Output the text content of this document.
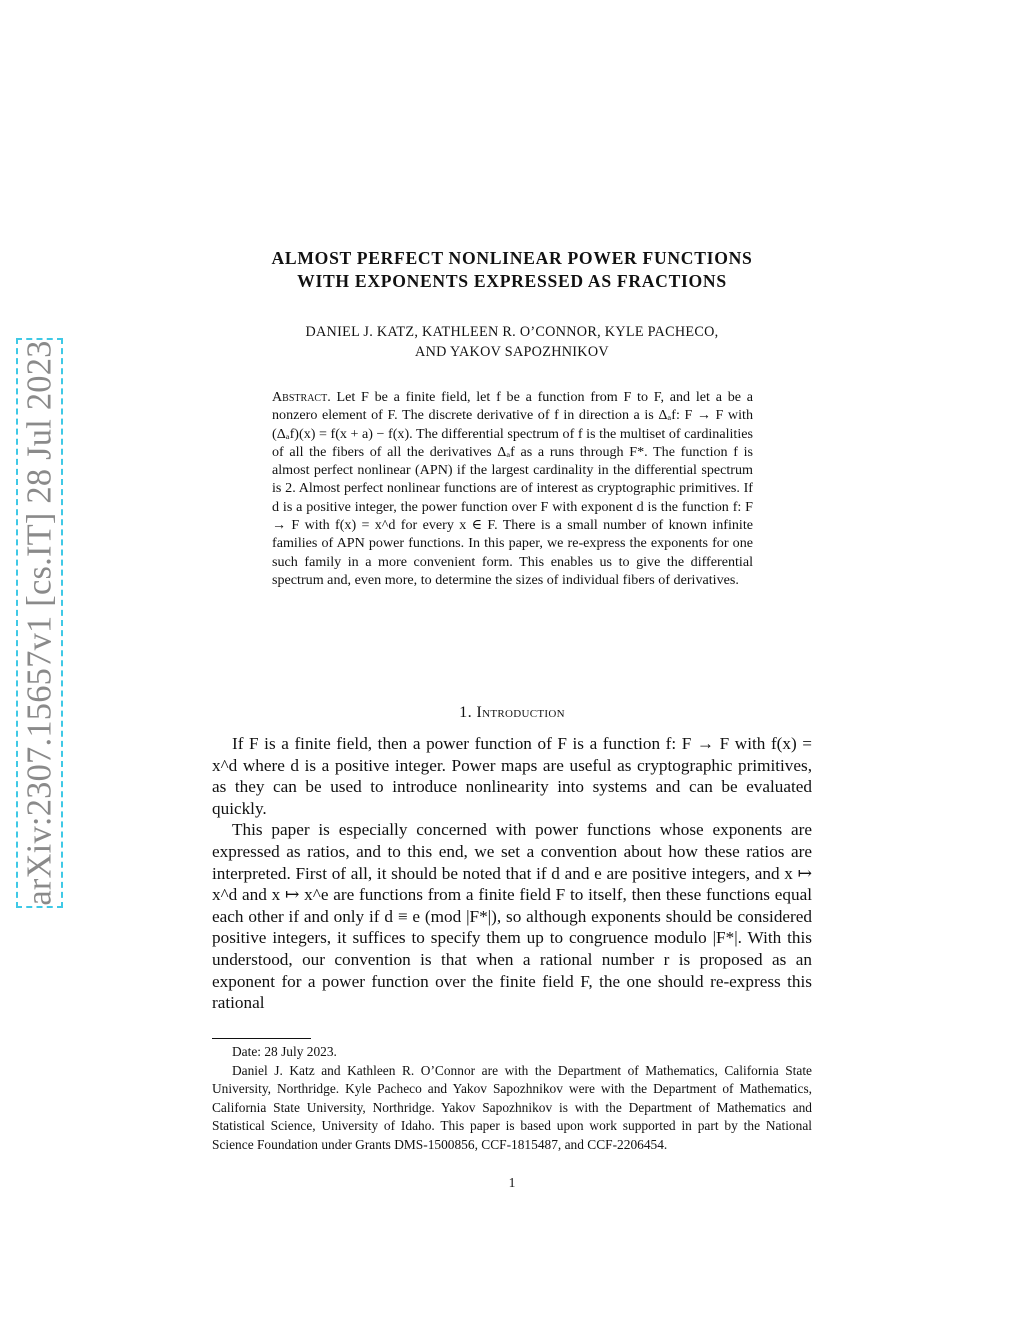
arXiv:2307.15657v1 [cs.IT] 28 Jul 2023
ALMOST PERFECT NONLINEAR POWER FUNCTIONS
WITH EXPONENTS EXPRESSED AS FRACTIONS
DANIEL J. KATZ, KATHLEEN R. O’CONNOR, KYLE PACHECO,
AND YAKOV SAPOZHNIKOV
Abstract. Let F be a finite field, let f be a function from F to F, and let a be a nonzero element of F. The discrete derivative of f in direction a is Δₐf: F → F with (Δₐf)(x) = f(x + a) − f(x). The differential spectrum of f is the multiset of cardinalities of all the fibers of all the derivatives Δₐf as a runs through F*. The function f is almost perfect nonlinear (APN) if the largest cardinality in the differential spectrum is 2. Almost perfect nonlinear functions are of interest as cryptographic primitives. If d is a positive integer, the power function over F with exponent d is the function f: F → F with f(x) = x^d for every x ∈ F. There is a small number of known infinite families of APN power functions. In this paper, we re-express the exponents for one such family in a more convenient form. This enables us to give the differential spectrum and, even more, to determine the sizes of individual fibers of derivatives.
1. Introduction

If F is a finite field, then a power function of F is a function f: F → F with f(x) = x^d where d is a positive integer. Power maps are useful as cryptographic primitives, as they can be used to introduce nonlinearity into systems and can be evaluated quickly.

This paper is especially concerned with power functions whose exponents are expressed as ratios, and to this end, we set a convention about how these ratios are interpreted. First of all, it should be noted that if d and e are positive integers, and x ↦ x^d and x ↦ x^e are functions from a finite field F to itself, then these functions equal each other if and only if d ≡ e (mod |F*|), so although exponents should be considered positive integers, it suffices to specify them up to congruence modulo |F*|. With this understood, our convention is that when a rational number r is proposed as an exponent for a power function over the finite field F, the one should re-express this rational

Date: 28 July 2023.

Daniel J. Katz and Kathleen R. O’Connor are with the Department of Mathematics, California State University, Northridge. Kyle Pacheco and Yakov Sapozhnikov were with the Department of Mathematics, California State University, Northridge. Yakov Sapozhnikov is with the Department of Mathematics and Statistical Science, University of Idaho. This paper is based upon work supported in part by the National Science Foundation under Grants DMS-1500856, CCF-1815487, and CCF-2206454.

1
